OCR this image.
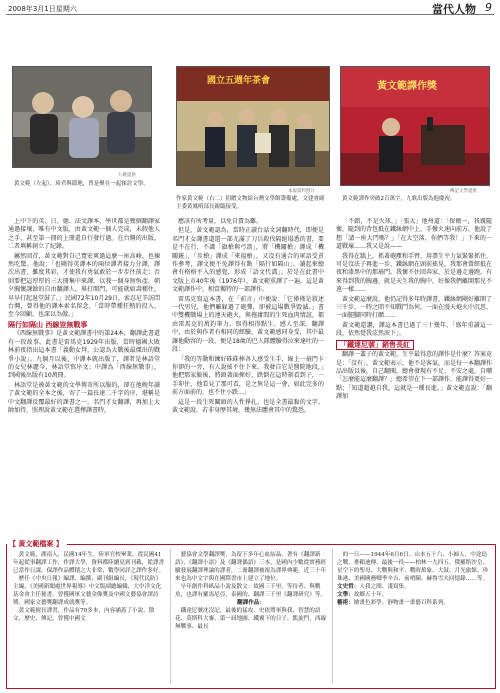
2008年3月1日星期六	當代人物 9
九歌提供
黃文範（左起）、琦君與隱地，曾是聚在一起探討文學。
國立五週年茶會
本報資料照片
作家黃文範（右二）捐贈文物給台灣文學館籌備處，文建會副主委黃鳳鳴部長親臨接受。
黃文範譯作獎
傳記文學提供
黃文範譯作突破2百萬字，九歌出版為他慶祝。

上中下的英、日、德、法文譯本，學世都是幾個翻譯家通過接壤，唯有中文版，由黃文範一個人完成，未假他人之手，甚至第一冊的上冊還自行發行過。在台灣的出版，二者填稱創立了紀錄。

屬然回首，黃文範對自己寬宏爽過這麼一座高峰，也揀然吃驚。他說：「也剛得英譯本的兩位譯者接力分譯，譯次出書，難度其彩，才使我有勇氣敢於一步步往前走；否則要把這厚厚的三大冊集中來譯，以我一個身無恆產，朝夕胸懷課餘的自由翻譯人，畢打開門，可能就如壽種往，早早打起退堂鼓了。」民國72年10月29日，索忍尼辛訪問台灣，曾得他的譯本索名留念，「當時帶種狂熱的投入，至今回顧，也深以為傲。」

隔行如隔山 西線豈無戰事

《西線無戰事》是黃文範譯書中的第24本，翻譯此書還有一段故事。此書是雷馬克1929年出版，當時德國大敗林前夜指出這本書「義動女拜，公認為大戰後最傑出的戰爭小說」。九個月以後，中譯本就出版了，譯者是林語堂的女兒林麗今，林語堂寫序文；中譯為「西線無戰事」，到國後出版有10萬冊。

林語堂是被黃文範的文學傳奇所以服的，卻在他晚年讀了黃文範的全本之後，寄了一篇長達二千字的序，堪稱是中文翻譯反覆最好的課書之一。名門才女翻譯，再加上大帥加持，照理說黃文範在選擇譯書時，

應該有所考量，以免自費為難。

但是，黃文範認為，當時正讀台話文詞翻時代，即便是名門才女譯書道還一部尤滿了刀兵殺伐隔絕塌悉的書，要是不在行，不識「旗槍與弓箭」，將「機關槍」譯成「機關銃」，「步槍」譯成「來福槍」，又沒有通合的軍語受責作參考，譯文便不免譯得有點「隔行如隔山」。讀起來總會有格格不入的感覺，形成「語文代溝」。於是在此書中文版上市40年後（1976年），黃文範重譯了一遍，這是黃文範譯作中，相當獨特的一部譯作。

雷馬克寫這本書，在「前言」中便說：「它僅僅是敘述一代男兒，他們雖躲過了砲彈，卻被這場戰爭毀滅。」書中雙機戰場上的連天砲火，與拖庸間的生死血肉情誼，都由雷馬克的萬釣筆力，寫得相得點生、感人至深。翻譯中，由於與作者有相同的經驗，黃文範感同身受，其中最讓他動容的一段，便是18歲的巴人隊體驗得泣來達吐的一段：

「我的等動和練好硃硃棒各人感受生手，綠上一扇門卡你卻的一旁，有人說搖不住下來。我發自它是醫院地段，」他把那家臉後，將頭著面揮好，跌倒在這時刻看到子，一手卯住，他看見了那可看，是之無是這一會，如此完多的前方面前的，也不住小跌…」

這是一段生死關頭的人性掙扎，也是全書最黏的文字。黃文範說，若非身歷其境，幾無法體會其中的驚恐。

「不錯，不是火球，」「張大」他州道：「保衛一，我親隨衛，隨到的背包抵在鐵絲網中上，手撥火速向前方。他說了想「請一座大門嗎？」「在大空落，你們等我！」下來的一道戰壕……我又是說——

我得在牆上，抓著砲塵和手臂，用盡生平力氣緊緊抓住，可是沒法子再進一步，鐵絲網在頭前搖晃，我那會曾經抵在夜和漆黑中的那扇門。我懷不住回奔家，於是邊走邊跑，有來得到我的胸邊，就是天生我的胸中，好像我們離開那兒不遠一樣……

黃文範這麼說，他仍記得多年時譯書，鐵絲網剛好離開了三千步，一時之間不知戰鬥為何，一面在漫天炮火中沉思，一面腿腳同時打顫……

黃文範還讚，譯這本書已過了三十幾年，「盛年重讀這一段，依然覺我泫然淚下」。

「鐵達尼號」銷售長紅

翻譯一輩子的黃文範，生平最得意的譯作是什麼？答案竟是：「沒有」。黃文範表示，他不是客氣，而是每一本翻譯作品出版以後，自己翻閱，總會發現有不足、不安之處，自嘲「怎麼能這麼翻譯？」總希望在下一部譯作，能譯得更好一點；「知道超越自我，這就是一種長進。」黃文範直說：「翻譯加

【 黃文範檔案 】

黃文範，湖南人，民國14年生，陸軍官校畢業，從民國41年起從事翻譯工作，作譯大學，資料都陸續見到刊載，從譯書已當作日課，保譯作品體積之大非常，數學同詳之譯作多好。

歷任《中央日報》編譯、編撰、副刊組編長，《現代民防》主編。《美國新聞處世界報導》中文版副總編輯，大中洋文化基金會主任秘書。曾獲國軍文藝金像獎及中國文藝協會譯詩獎、國家文藝獎翻譯成就獎等。

黃文範擅長譯書，作品有70多本，內容涵蓋了小說、散文、歷史、傳記。曾獲中國文

藝協會文學翻譯獎，為留下多年心血結晶，著有《翻譯新語》、《翻譯小語》及《翻譯偶語》三本，是國內少數從實務經驗發展翻譯理論的譯者，二冊翻譯被視為譯界典範，近三十年來也為中文字與在國際書市上建立了地位。

早年創作科紙品小說及散文：故國三千里、等待者、與戰魚，也譯有羅馬尼亞、泰國的、翻譯三千里《翻譯研究》等。

翻譯作品：

鐵達尼號沈沒記、最後的猛攻、史依將軍與我、智慧的語花、莫斯科大審、第一屆地圖、鐵翼下的日子、凱旋門、西線無戰事、最長

的一日——1944年6月6日、山本五十六、小婦人、中途島之戰、麥賴迪傳、最後一役——柏林一九四五、俄羅斯沙皇、星空下的聖母、大戰與和平、戰時萬象、大鼓、月光旅館、珍珠港、美國國務卿季辛吉、前哨陳、赫魯雪夫回憶錄……等。

文史哲：人我之間、淺寫集。

文學：故鄉五十年。

藝術：繪畫色彩學、靜物畫一畫藝百科系列。
